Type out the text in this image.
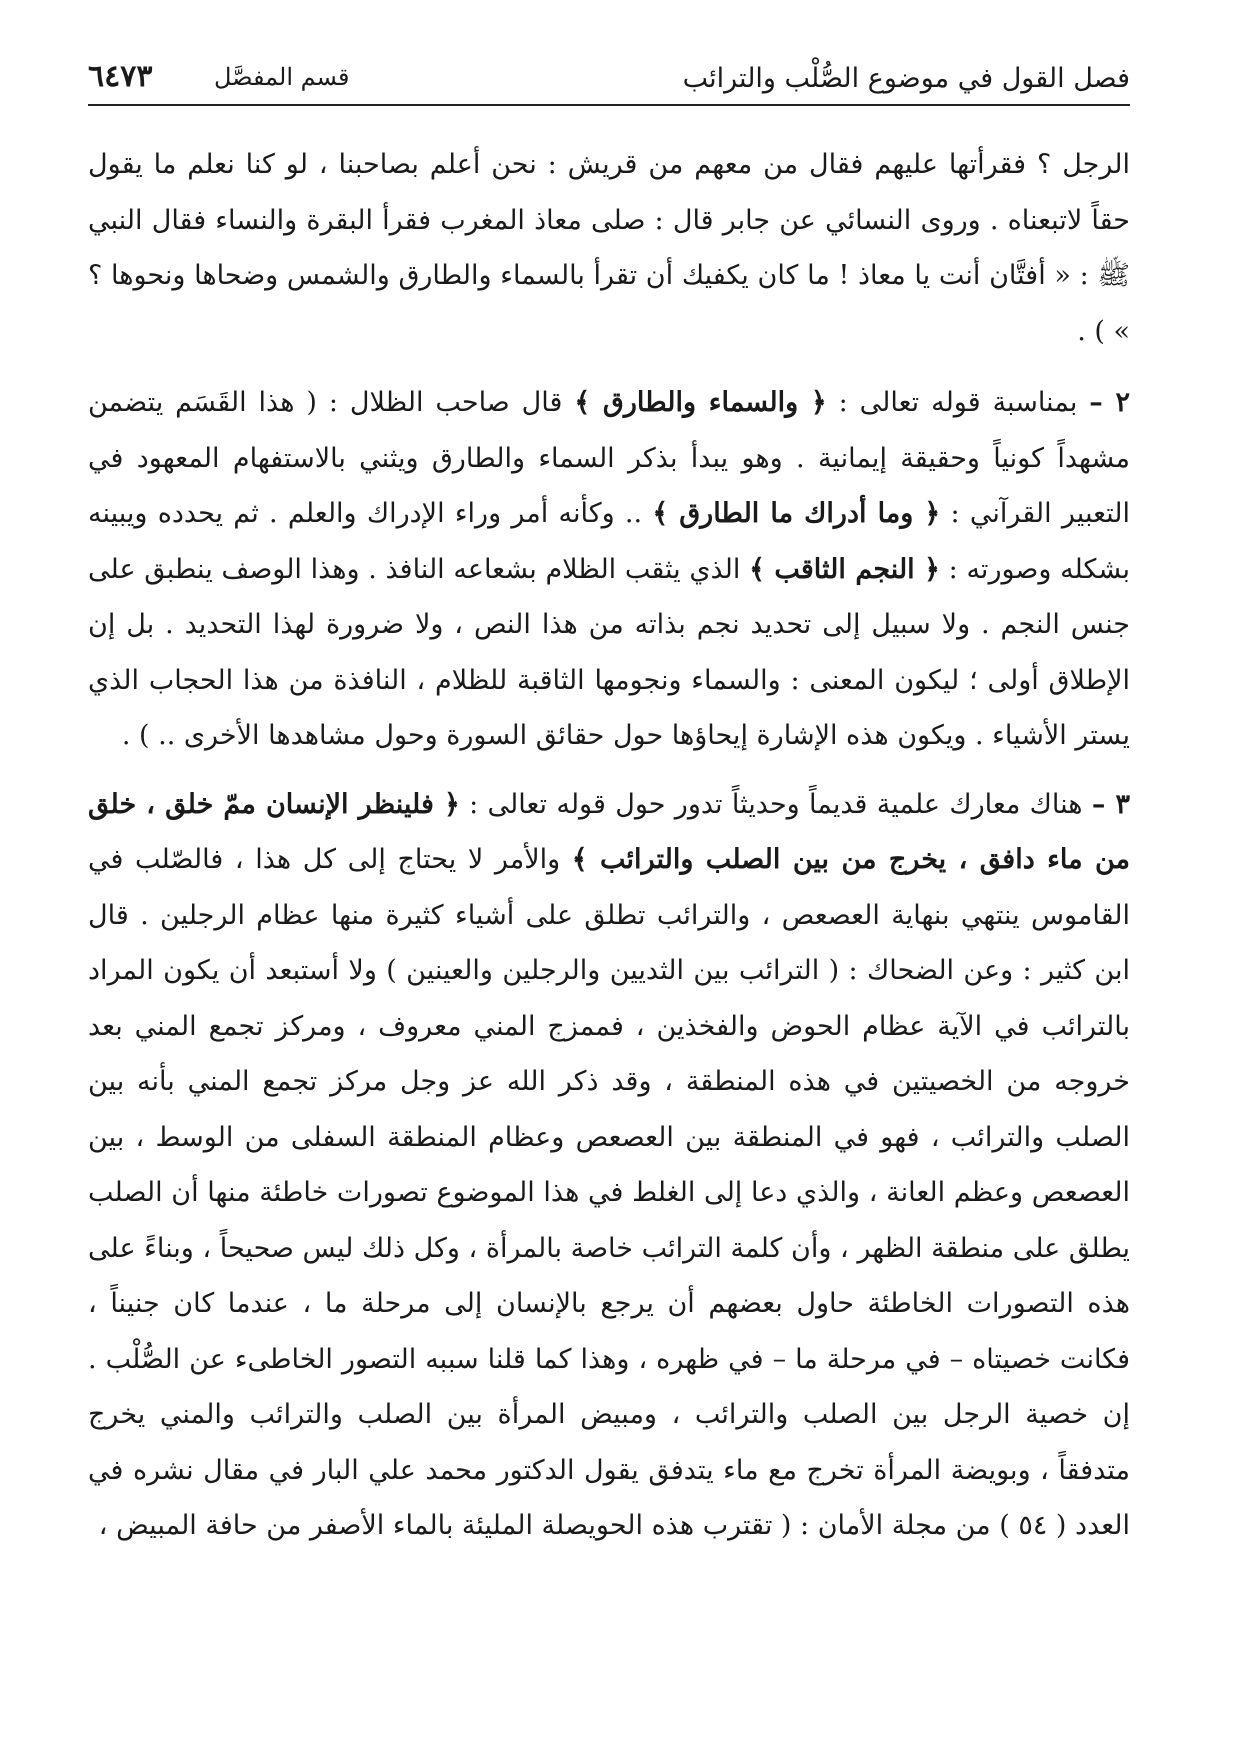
فصل القول في موضوع الصُّلْب والترائب
قسم المفصَّل
٦٤٧٣

الرجل ؟ فقرأتها عليهم فقال من معهم من قريش : نحن أعلم بصاحبنا ، لو كنا نعلم ما يقول حقاً لاتبعناه . وروى النسائي عن جابر قال : صلى معاذ المغرب فقرأ البقرة والنساء فقال النبي ﷺ : « أفتَّان أنت يا معاذ ! ما كان يكفيك أن تقرأ بالسماء والطارق والشمس وضحاها ونحوها ؟ » ) .

٢ – بمناسبة قوله تعالى : ﴿ والسماء والطارق ﴾ قال صاحب الظلال : ( هذا القَسَم يتضمن مشهداً كونياً وحقيقة إيمانية . وهو يبدأ بذكر السماء والطارق ويثني بالاستفهام المعهود في التعبير القرآني : ﴿ وما أدراك ما الطارق ﴾ .. وكأنه أمر وراء الإدراك والعلم . ثم يحدده ويبينه بشكله وصورته : ﴿ النجم الثاقب ﴾ الذي يثقب الظلام بشعاعه النافذ . وهذا الوصف ينطبق على جنس النجم . ولا سبيل إلى تحديد نجم بذاته من هذا النص ، ولا ضرورة لهذا التحديد . بل إن الإطلاق أولى ؛ ليكون المعنى : والسماء ونجومها الثاقبة للظلام ، النافذة من هذا الحجاب الذي يستر الأشياء . ويكون هذه الإشارة إيحاؤها حول حقائق السورة وحول مشاهدها الأخرى .. ) .

٣ – هناك معارك علمية قديماً وحديثاً تدور حول قوله تعالى : ﴿ فلينظر الإنسان ممّ خلق ، خلق من ماء دافق ، يخرج من بين الصلب والترائب ﴾ والأمر لا يحتاج إلى كل هذا ، فالصّلب في القاموس ينتهي بنهاية العصعص ، والترائب تطلق على أشياء كثيرة منها عظام الرجلين . قال ابن كثير : وعن الضحاك : ( الترائب بين الثديين والرجلين والعينين ) ولا أستبعد أن يكون المراد بالترائب في الآية عظام الحوض والفخذين ، فممزج المني معروف ، ومركز تجمع المني بعد خروجه من الخصيتين في هذه المنطقة ، وقد ذكر الله عز وجل مركز تجمع المني بأنه بين الصلب والترائب ، فهو في المنطقة بين العصعص وعظام المنطقة السفلى من الوسط ، بين العصعص وعظم العانة ، والذي دعا إلى الغلط في هذا الموضوع تصورات خاطئة منها أن الصلب يطلق على منطقة الظهر ، وأن كلمة الترائب خاصة بالمرأة ، وكل ذلك ليس صحيحاً ، وبناءً على هذه التصورات الخاطئة حاول بعضهم أن يرجع بالإنسان إلى مرحلة ما ، عندما كان جنيناً ، فكانت خصيتاه – في مرحلة ما – في ظهره ، وهذا كما قلنا سببه التصور الخاطىء عن الصُّلْب . إن خصية الرجل بين الصلب والترائب ، ومبيض المرأة بين الصلب والترائب والمني يخرج متدفقاً ، وبويضة المرأة تخرج مع ماء يتدفق يقول الدكتور محمد علي البار في مقال نشره في العدد ( ٥٤ ) من مجلة الأمان : ( تقترب هذه الحويصلة المليئة بالماء الأصفر من حافة المبيض ،
